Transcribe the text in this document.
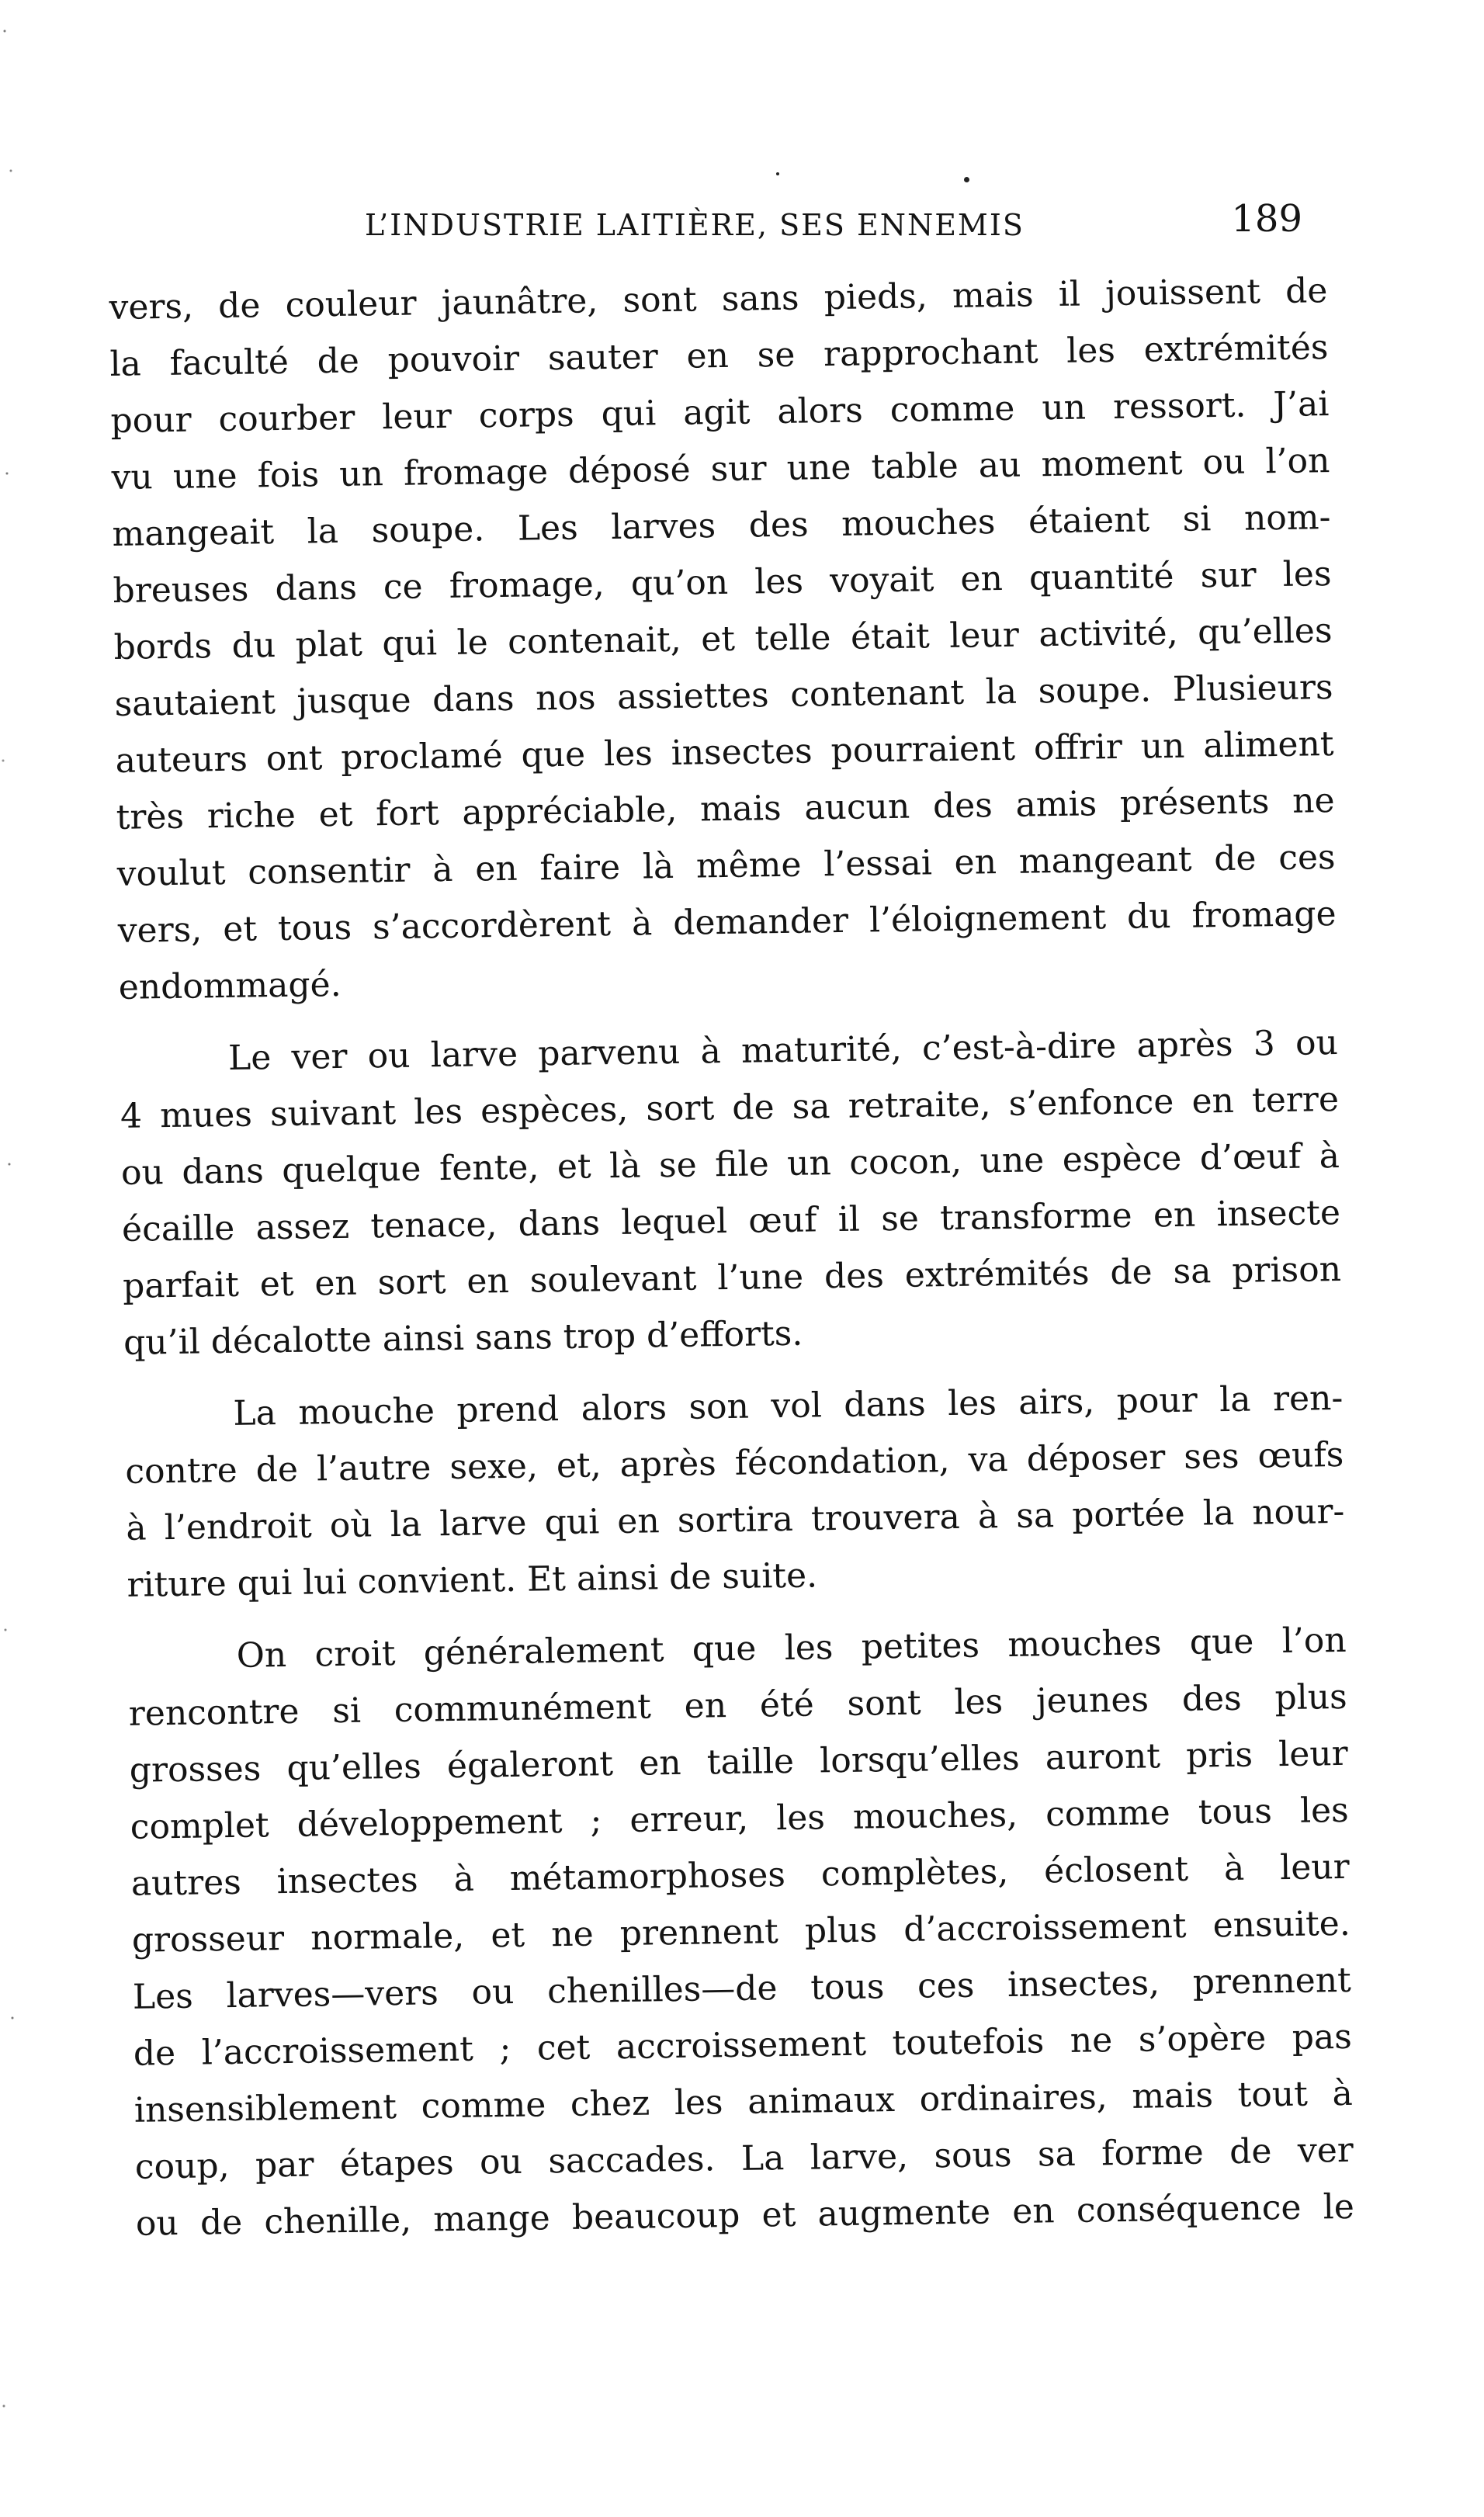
L’INDUSTRIE LAITIÈRE, SES ENNEMIS	189
vers, de couleur jaunâtre, sont sans pieds, mais il jouissent de
la faculté de pouvoir sauter en se rapprochant les extrémités
pour courber leur corps qui agit alors comme un ressort. J’ai
vu une fois un fromage déposé sur une table au moment ou l’on
mangeait la soupe. Les larves des mouches étaient si nom-
breuses dans ce fromage, qu’on les voyait en quantité sur les
bords du plat qui le contenait, et telle était leur activité, qu’elles
sautaient jusque dans nos assiettes contenant la soupe. Plusieurs
auteurs ont proclamé que les insectes pourraient offrir un aliment
très riche et fort appréciable, mais aucun des amis présents ne
voulut consentir à en faire là même l’essai en mangeant de ces
vers, et tous s’accordèrent à demander l’éloignement du fromage
endommagé.
Le ver ou larve parvenu à maturité, c’est-à-dire après 3 ou
4 mues suivant les espèces, sort de sa retraite, s’enfonce en terre
ou dans quelque fente, et là se file un cocon, une espèce d’œuf à
écaille assez tenace, dans lequel œuf il se transforme en insecte
parfait et en sort en soulevant l’une des extrémités de sa prison
qu’il décalotte ainsi sans trop d’efforts.
La mouche prend alors son vol dans les airs, pour la ren-
contre de l’autre sexe, et, après fécondation, va déposer ses œufs
à l’endroit où la larve qui en sortira trouvera à sa portée la nour-
riture qui lui convient. Et ainsi de suite.
On croit généralement que les petites mouches que l’on
rencontre si communément en été sont les jeunes des plus
grosses qu’elles égaleront en taille lorsqu’elles auront pris leur
complet développement ; erreur, les mouches, comme tous les
autres insectes à métamorphoses complètes, éclosent à leur
grosseur normale, et ne prennent plus d’accroissement ensuite.
Les larves—vers ou chenilles—de tous ces insectes, prennent
de l’accroissement ; cet accroissement toutefois ne s’opère pas
insensiblement comme chez les animaux ordinaires, mais tout à
coup, par étapes ou saccades. La larve, sous sa forme de ver
ou de chenille, mange beaucoup et augmente en conséquence le
